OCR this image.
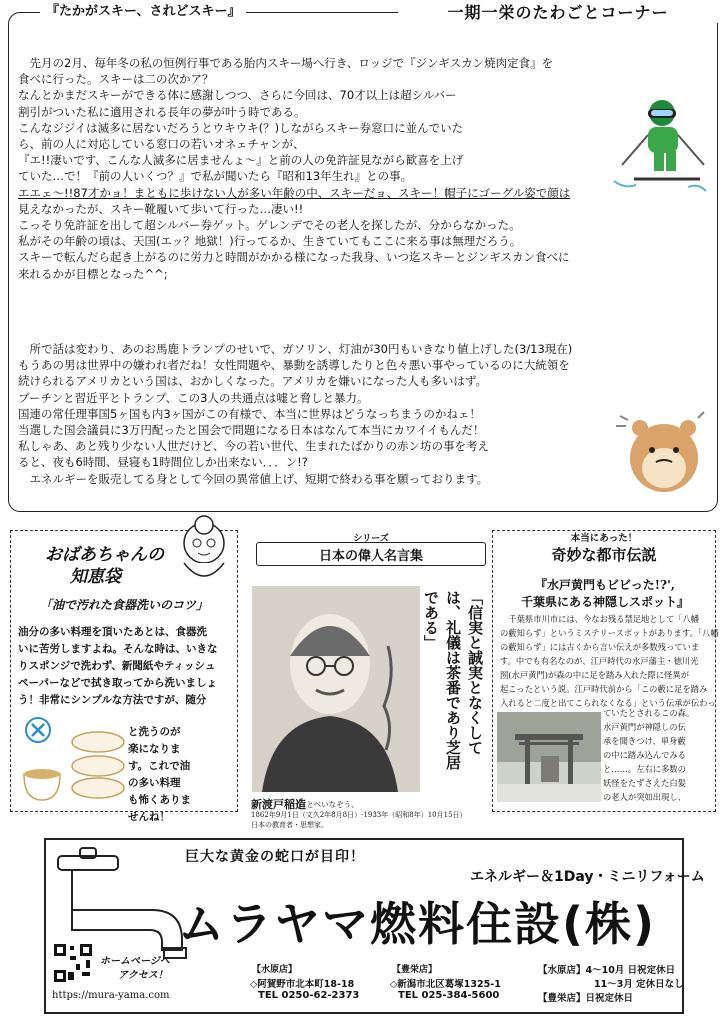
『たかがスキー、されどスキー』	一期一栄のたわごとコーナー
　先月の2月、毎年冬の私の恒例行事である胎内スキー場へ行き、ロッジで『ジンギスカン焼肉定食』を
食べに行った。スキーは二の次かア？
なんとかまだスキーができる体に感謝しつつ、さらに今回は、70才以上は超シルバー
割引がついた私に適用される長年の夢が叶う時である。
こんなジジイは滅多に居ないだろうとウキウキ(？)しながらスキー券窓口に並んでいた
ら、前の人に対応している窓口の若いオネェチャンが、
『エ!!凄いです、こんな人滅多に居ませんょ～』と前の人の免許証見ながら歓喜を上げ
ていた…で！『前の人いくつ？』で私が聞いたら『昭和13年生れ』との事。
エエェ～!!87才かョ！まともに歩けない人が多い年齢の中、スキーだョ、スキー！帽子にゴーグル姿で顔は
見えなかったが、スキー靴履いて歩いて行った…凄い!!
こっそり免許証を出して超シルバー券ゲット。ゲレンデでその老人を探したが、分からなかった。
私がその年齢の頃は、天国(エッ？地獄！)行ってるか、生きていてもここに来る事は無理だろう。
スキーで転んだら起き上がるのに労力と時間がかかる様になった我身、いつ迄スキーとジンギスカン食べに
来れるかが目標となった^^;
　所で話は変わり、あのお馬鹿トランプのせいで、ガソリン、灯油が30円もいきなり値上げした(3/13現在)
もうあの男は世界中の嫌われ者だね！女性問題や、暴動を誘導したりと色々悪い事やっているのに大統領を
続けられるアメリカという国は、おかしくなった。アメリカを嫌いになった人も多いはず。
プーチンと習近平とトランプ、この3人の共通点は嘘と脅しと暴力。
国連の常任理事国5ヶ国も内3ヶ国がこの有様で、本当に世界はどうなっちまうのかねェ！
当選した国会議員に3万円配ったと国会で問題になる日本はなんて本当にカワイイもんだ！
私しゃあ、あと残り少ない人世だけど、今の若い世代、生まれたばかりの赤ン坊の事を考え
ると、夜も6時間、昼寝も1時間位しか出来ない．．．ン!?
　エネルギーを販売してる身として今回の異常値上げ、短期で終わる事を願っております。
おばあちゃんの
知恵袋
「油で汚れた食器洗いのコツ」
油分の多い料理を頂いたあとは、食器洗
いに苦労しますよね。そんな時は、いきな
りスポンジで洗わず、新聞紙やティッシュ
ペーパーなどで拭き取ってから洗いましょ
う！非常にシンプルな方法ですが、随分
と洗うのが
楽になりま
す。これで油
の多い料理
も怖くありま
せんね！
シリーズ
日本の偉人名言集
「信実と誠実となくしては、礼儀は茶番であり芝居である」
新渡戸稲造
(にとべいなぞう、
1862年9月1日（文久2年8月8日）-1933年（昭和8年）10月15日）
日本の教育者・思想家。
本当にあった！
奇妙な都市伝説
『水戸黄門もビビった!?',
千葉県にある神隠しスポット』
　千葉県市川市には、今なお残る禁足地として「八幡
の藪知らず」というミステリースポットがあります。「八幡
の藪知らず」には古くから言い伝えが多数残っていま
す。中でも有名なのが、江戸時代の水戸藩主・徳川光
圀(水戸黄門)が森の中に足を踏み入れた際に怪異が
起こったという説。江戸時代前から「この藪に足を踏み
入れると二度と出てこられなくなる」という伝承が伝わっ
ていたとされるこの森。
水戸黄門が神隠しの伝
承を聞きつけ、単身藪
の中に踏み込んでみる
と……。左右に多数の
妖怪をたずさえた白髪
の老人が突如出現し、
巨大な黄金の蛇口が目印！
エネルギー＆1Day・ミニリフォーム
ムラヤマ燃料住設(株)
ホームページへ
アクセス！
https://mura-yama.com
【水原店】
◇阿賀野市北本町18-18
TEL 0250-62-2373
【豊栄店】
◇新潟市北区葛塚1325-1
TEL 025-384-5600
【水原店】4～10月 日祝定休日
11～3月 定休日なし
【豊栄店】日祝定休日
